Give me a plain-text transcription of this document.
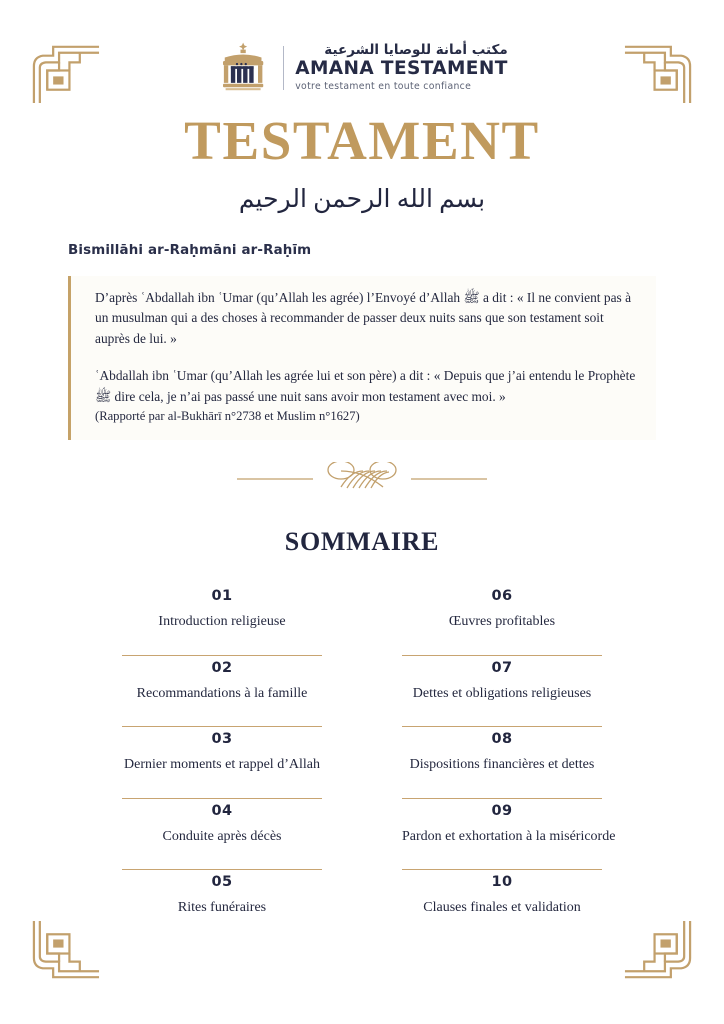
مكتب أمانة للوصايا الشرعية
AMANA TESTAMENT
votre testament en toute confiance
TESTAMENT
بسم الله الرحمن الرحيم
Bismillāhi ar-Raḥmāni ar-Raḥīm

D’après ʿAbdallah ibn ʿUmar (qu’Allah les agrée) l’Envoyé d’Allah ﷺ a dit : « Il ne convient pas à un musulman qui a des choses à recommander de passer deux nuits sans que son testament soit auprès de lui. »

ʿAbdallah ibn ʿUmar (qu’Allah les agrée lui et son père) a dit : « Depuis que j’ai entendu le Prophète ﷺ dire cela, je n’ai pas passé une nuit sans avoir mon testament avec moi. »

(Rapporté par al-Bukhārī n°2738 et Muslim n°1627)

SOMMAIRE
01
Introduction religieuse
06
Œuvres profitables
02
Recommandations à la famille
07
Dettes et obligations religieuses
03
Dernier moments et rappel d’Allah
08
Dispositions financières et dettes
04
Conduite après décès
09
Pardon et exhortation à la miséricorde
05
Rites funéraires
10
Clauses finales et validation
